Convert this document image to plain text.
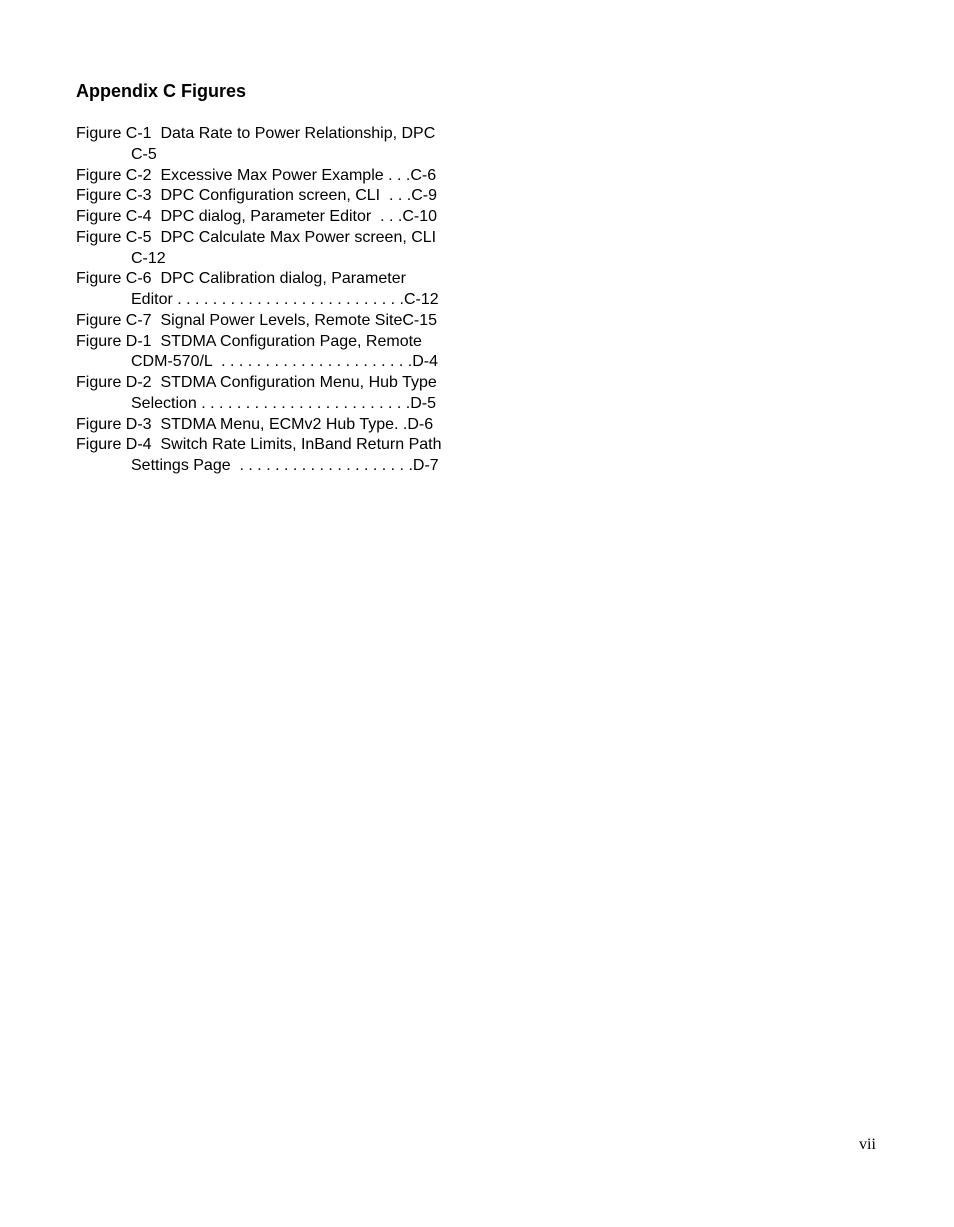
Appendix C Figures
Figure C-1  Data Rate to Power Relationship, DPC
C-5
Figure C-2  Excessive Max Power Example . . .C-6
Figure C-3  DPC Configuration screen, CLI  . . .C-9
Figure C-4  DPC dialog, Parameter Editor  . . .C-10
Figure C-5  DPC Calculate Max Power screen, CLI
C-12
Figure C-6  DPC Calibration dialog, Parameter
Editor . . . . . . . . . . . . . . . . . . . . . . . . . .C-12
Figure C-7  Signal Power Levels, Remote SiteC-15
Figure D-1  STDMA Configuration Page, Remote
CDM-570/L  . . . . . . . . . . . . . . . . . . . . . .D-4
Figure D-2  STDMA Configuration Menu, Hub Type
Selection . . . . . . . . . . . . . . . . . . . . . . . .D-5
Figure D-3  STDMA Menu, ECMv2 Hub Type. .D-6
Figure D-4  Switch Rate Limits, InBand Return Path
Settings Page  . . . . . . . . . . . . . . . . . . . .D-7
vii
